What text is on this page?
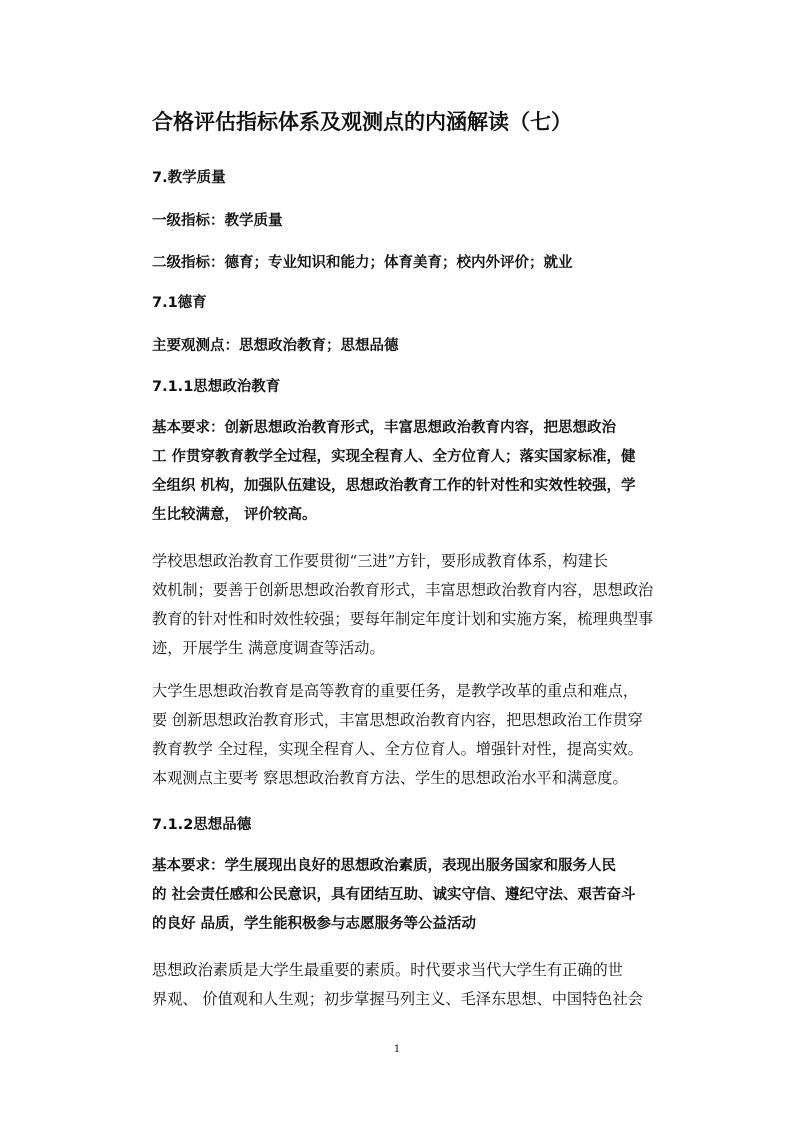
合格评估指标体系及观测点的内涵解读（七）
7.教学质量
一级指标：教学质量
二级指标：德育；专业知识和能力；体育美育；校内外评价；就业
7.1德育
主要观测点：思想政治教育；思想品德
7.1.1思想政治教育
基本要求：创新思想政治教育形式，丰富思想政治教育内容，把思想政治
工 作贯穿教育教学全过程，实现全程育人、全方位育人；落实国家标准，健
全组织 机构，加强队伍建设，思想政治教育工作的针对性和实效性较强，学
生比较满意， 评价较高。
学校思想政治教育工作要贯彻“三进”方针，要形成教育体系，构建长
效机制；要善于创新思想政治教育形式，丰富思想政治教育内容，思想政治
教育的针对性和时效性较强；要每年制定年度计划和实施方案，梳理典型事
迹，开展学生 满意度调查等活动。
大学生思想政治教育是高等教育的重要任务，是教学改革的重点和难点，
要 创新思想政治教育形式，丰富思想政治教育内容，把思想政治工作贯穿
教育教学 全过程，实现全程育人、全方位育人。增强针对性，提高实效。
本观测点主要考 察思想政治教育方法、学生的思想政治水平和满意度。
7.1.2思想品德
基本要求：学生展现出良好的思想政治素质，表现出服务国家和服务人民
的 社会责任感和公民意识，具有团结互助、诚实守信、遵纪守法、艰苦奋斗
的良好 品质，学生能积极参与志愿服务等公益活动
思想政治素质是大学生最重要的素质。时代要求当代大学生有正确的世
界观、 价值观和人生观；初步掌握马列主义、毛泽东思想、中国特色社会
1
